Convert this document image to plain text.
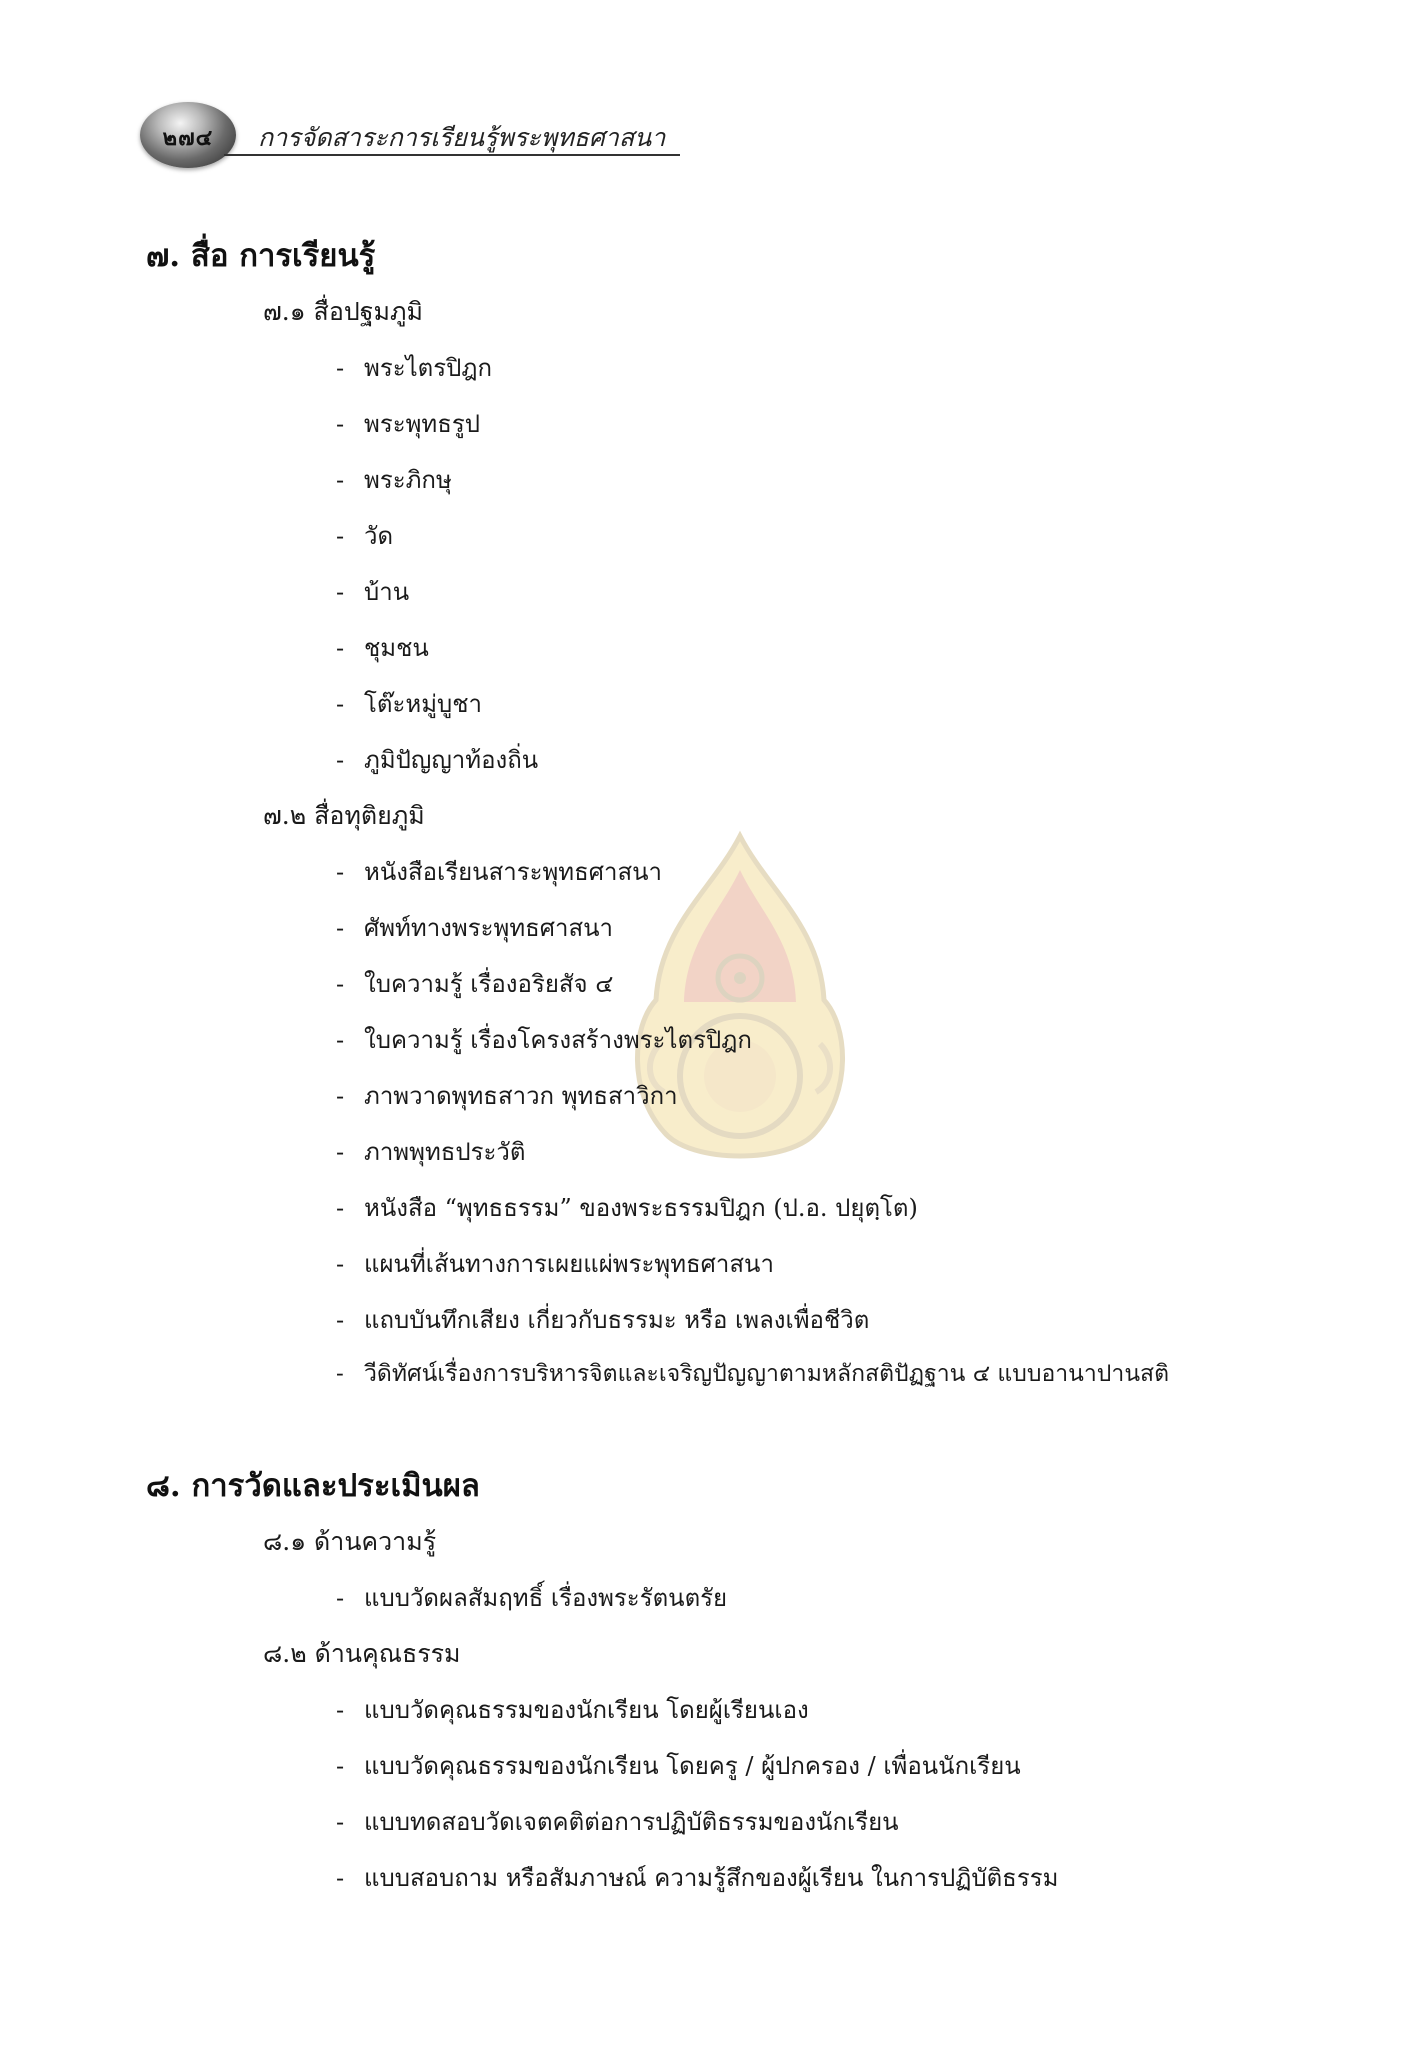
๒๗๔	การจัดสาระการเรียนรู้พระพุทธศาสนา
๗. สื่อ การเรียนรู้
๗.๑ สื่อปฐมภูมิ
- พระไตรปิฎก
- พระพุทธรูป
- พระภิกษุ
- วัด
- บ้าน
- ชุมชน
- โต๊ะหมู่บูชา
- ภูมิปัญญาท้องถิ่น
๗.๒ สื่อทุติยภูมิ
- หนังสือเรียนสาระพุทธศาสนา
- ศัพท์ทางพระพุทธศาสนา
- ใบความรู้ เรื่องอริยสัจ ๔
- ใบความรู้ เรื่องโครงสร้างพระไตรปิฎก
- ภาพวาดพุทธสาวก พุทธสาวิกา
- ภาพพุทธประวัติ
- หนังสือ “พุทธธรรม” ของพระธรรมปิฎก (ป.อ. ปยุตฺโต)
- แผนที่เส้นทางการเผยแผ่พระพุทธศาสนา
- แถบบันทึกเสียง เกี่ยวกับธรรมะ หรือ เพลงเพื่อชีวิต
- วีดิทัศน์เรื่องการบริหารจิตและเจริญปัญญาตามหลักสติปัฏฐาน ๔ แบบอานาปานสติ
๘. การวัดและประเมินผล
๘.๑ ด้านความรู้
- แบบวัดผลสัมฤทธิ์ เรื่องพระรัตนตรัย
๘.๒ ด้านคุณธรรม
- แบบวัดคุณธรรมของนักเรียน โดยผู้เรียนเอง
- แบบวัดคุณธรรมของนักเรียน โดยครู / ผู้ปกครอง / เพื่อนนักเรียน
- แบบทดสอบวัดเจตคติต่อการปฏิบัติธรรมของนักเรียน
- แบบสอบถาม หรือสัมภาษณ์ ความรู้สึกของผู้เรียน ในการปฏิบัติธรรม
